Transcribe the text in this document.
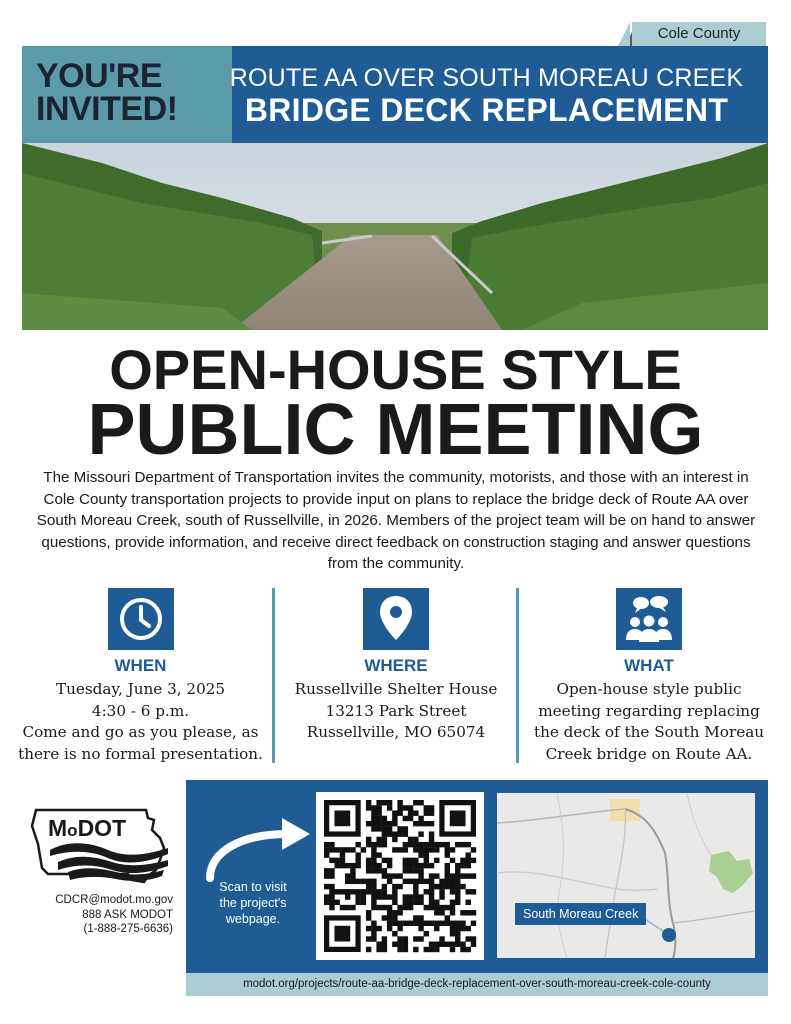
Cole County
YOU'RE
INVITED!
ROUTE AA OVER SOUTH MOREAU CREEK
BRIDGE DECK REPLACEMENT
OPEN-HOUSE STYLE
PUBLIC MEETING
The Missouri Department of Transportation invites the community, motorists, and those with an interest in Cole County transportation projects to provide input on plans to replace the bridge deck of Route AA over South Moreau Creek, south of Russellville, in 2026. Members of the project team will be on hand to answer questions, provide information, and receive direct feedback on construction staging and answer questions from the community.
WHEN
Tuesday, June 3, 2025
4:30 - 6 p.m.
Come and go as you please, as
there is no formal presentation.
WHERE
Russellville Shelter House
13213 Park Street
Russellville, MO 65074
WHAT
Open-house style public
meeting regarding replacing
the deck of the South Moreau
Creek bridge on Route AA.
MoDOT
CDCR@modot.mo.gov
888 ASK MODOT
(1-888-275-6636)
Scan to visit
the project's
webpage.	South Moreau Creek
modot.org/projects/route-aa-bridge-deck-replacement-over-south-moreau-creek-cole-county
